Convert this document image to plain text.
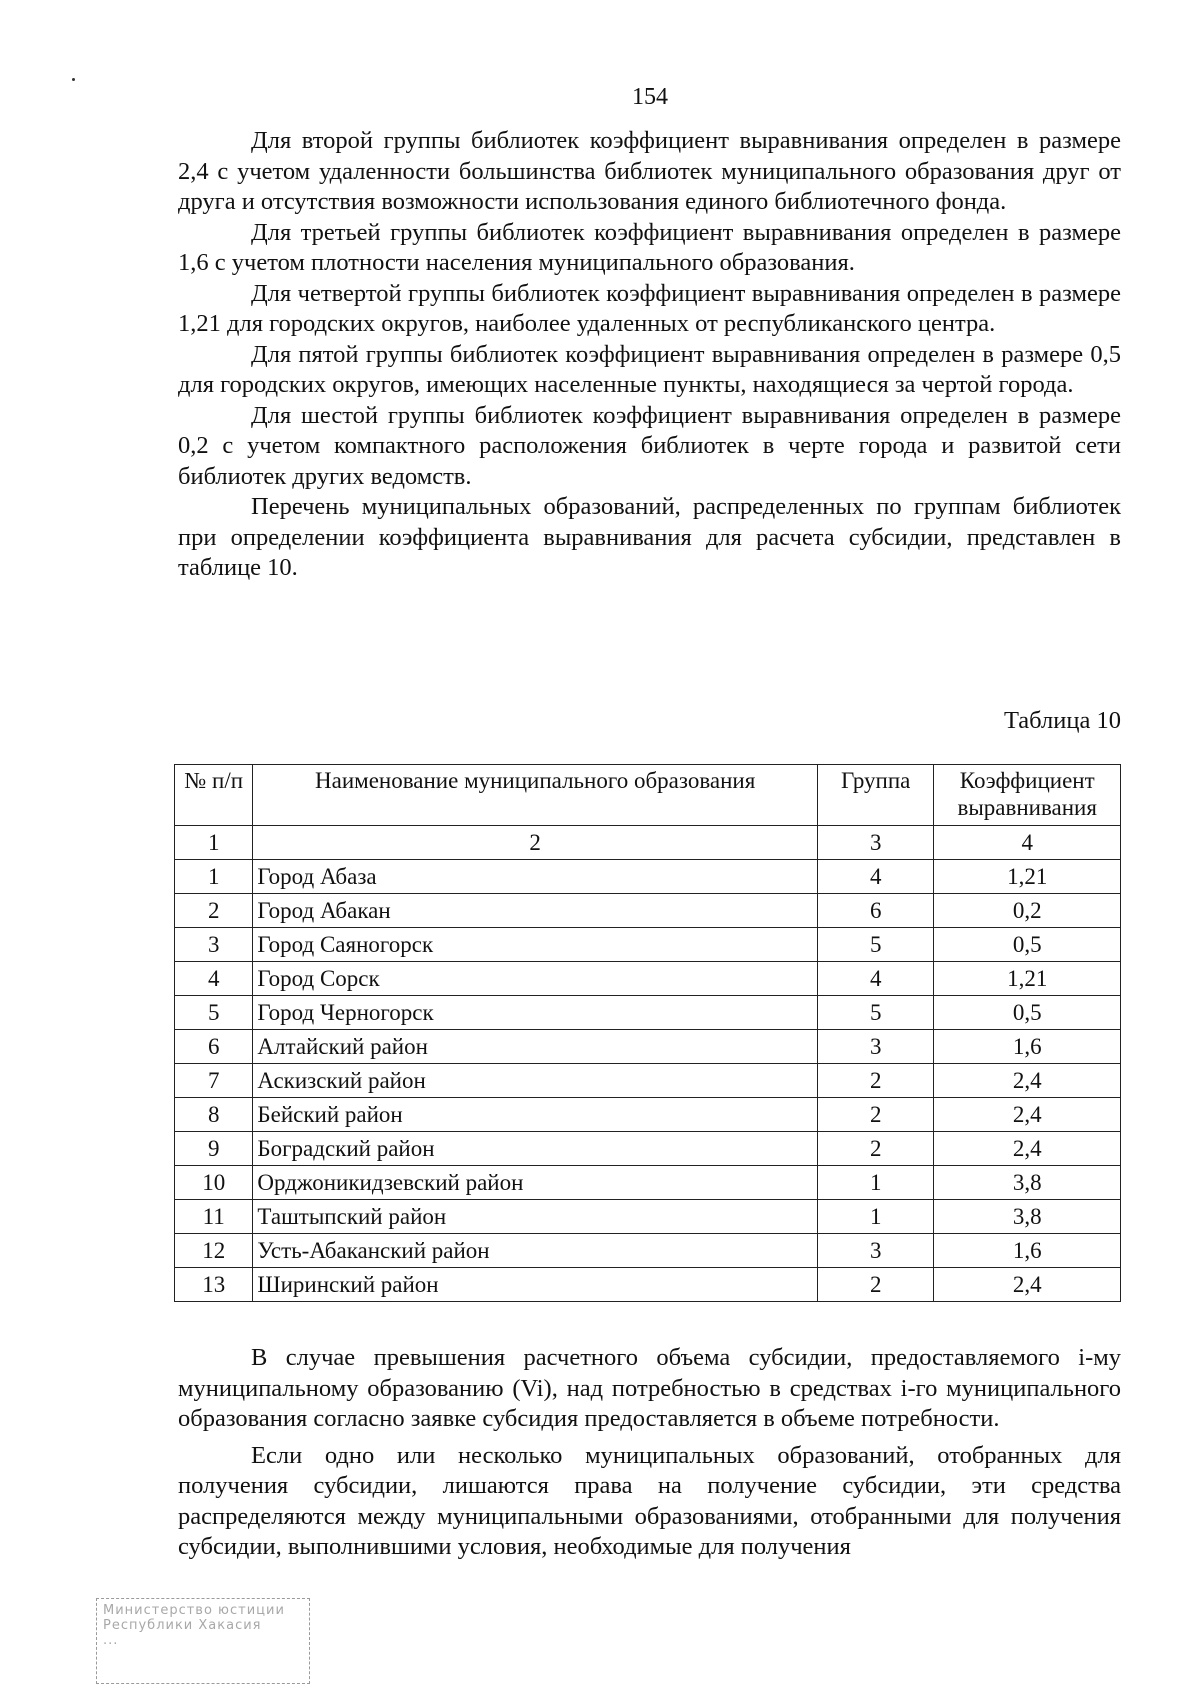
154

Для второй группы библиотек коэффициент выравнивания определен в размере 2,4 с учетом удаленности большинства библиотек муниципального образования друг от друга и отсутствия возможности использования единого библиотечного фонда.

Для третьей группы библиотек коэффициент выравнивания определен в размере 1,6 с учетом плотности населения муниципального образования.

Для четвертой группы библиотек коэффициент выравнивания определен в размере 1,21 для городских округов, наиболее удаленных от республиканского центра.

Для пятой группы библиотек коэффициент выравнивания определен в размере 0,5 для городских округов, имеющих населенные пункты, находящиеся за чертой города.

Для шестой группы библиотек коэффициент выравнивания определен в размере 0,2 с учетом компактного расположения библиотек в черте города и развитой сети библиотек других ведомств.

Перечень муниципальных образований, распределенных по группам библиотек при определении коэффициента выравнивания для расчета субсидии, представлен в таблице 10.

Таблица 10
№ п/п	Наименование муниципального образования	Группа	Коэффициент выравнивания
1	2	3	4
1	Город Абаза	4	1,21
2	Город Абакан	6	0,2
3	Город Саяногорск	5	0,5
4	Город Сорск	4	1,21
5	Город Черногорск	5	0,5
6	Алтайский район	3	1,6
7	Аскизский район	2	2,4
8	Бейский район	2	2,4
9	Боградский район	2	2,4
10	Орджоникидзевский район	1	3,8
11	Таштыпский район	1	3,8
12	Усть-Абаканский район	3	1,6
13	Ширинский район	2	2,4

В случае превышения расчетного объема субсидии, предоставляемого i-му муниципальному образованию (Vi), над потребностью в средствах i-го муниципального образования согласно заявке субсидия предоставляется в объеме потребности.

Если одно или несколько муниципальных образований, отобранных для получения субсидии, лишаются права на получение субсидии, эти средства распределяются между муниципальными образованиями, отобранными для получения субсидии, выполнившими условия, необходимые для получения

Министерство юстиции
Республики Хакасия
...
